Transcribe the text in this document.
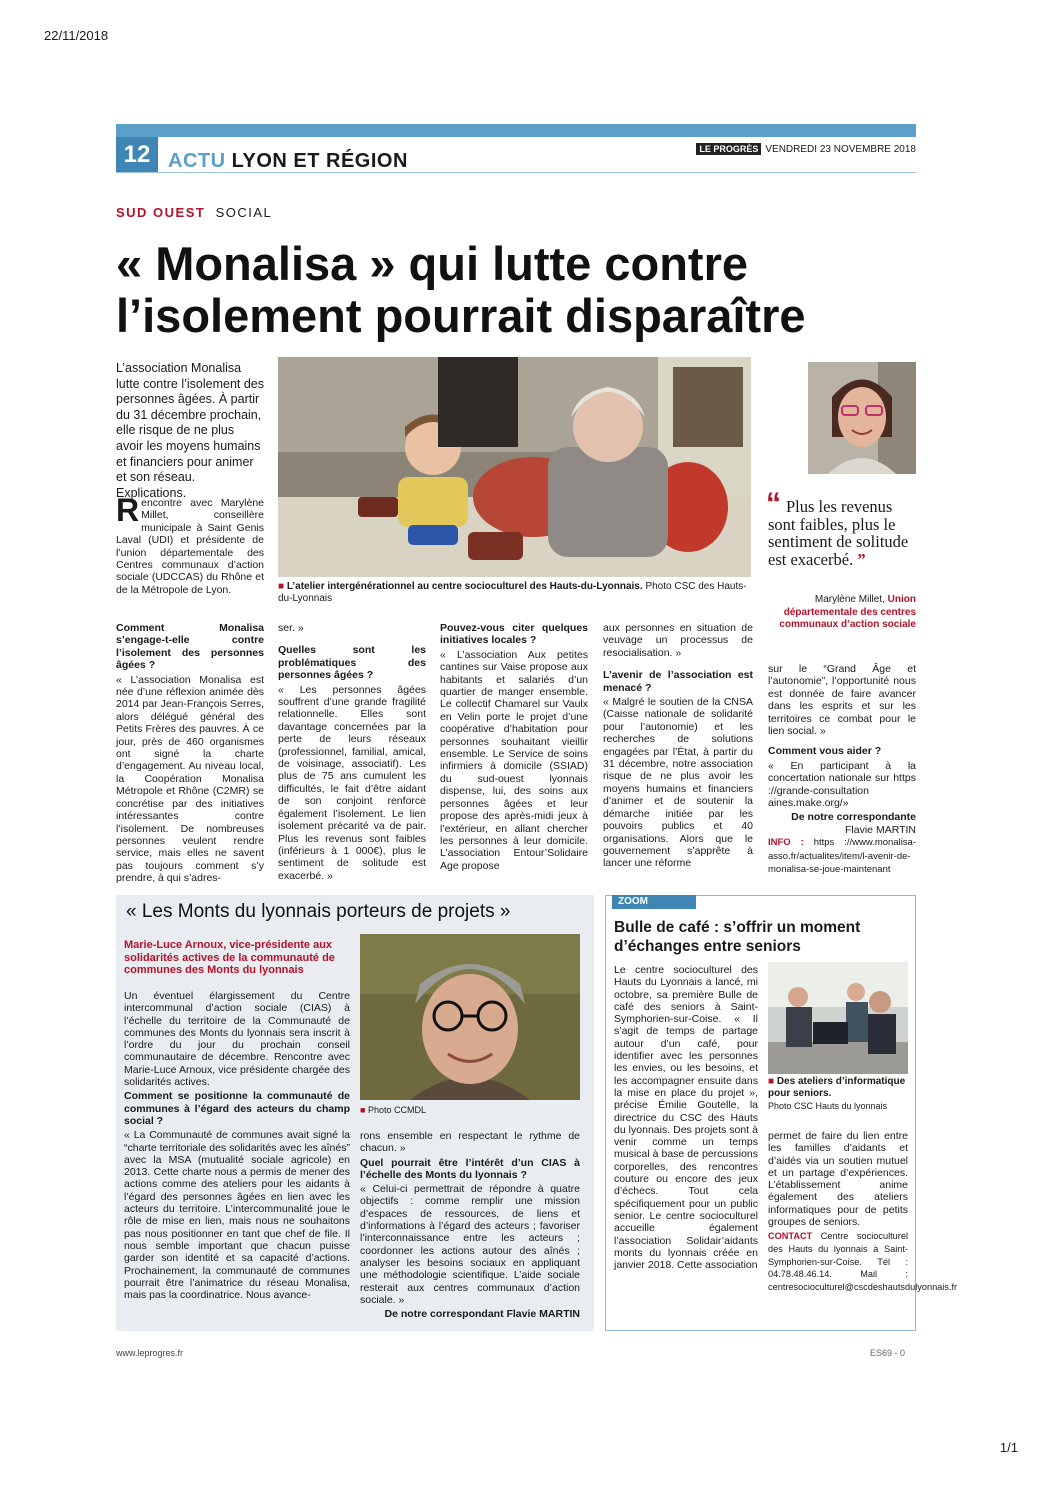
22/11/2018
1/1
12 ACTU LYON ET RÉGION
LE PROGRÈS VENDREDI 23 NOVEMBRE 2018
SUD OUEST SOCIAL
« Monalisa » qui lutte contre l’isolement pourrait disparaître
L’association Monalisa lutte contre l’isolement des personnes âgées. À partir du 31 décembre prochain, elle risque de ne plus avoir les moyens humains et financiers pour animer et son réseau. Explications.
Rencontre avec Marylène Millet, conseillère municipale à Saint Genis Laval (UDI) et présidente de l’union départementale des Centres communaux d’action sociale (UDCCAS) du Rhône et de la Métropole de Lyon.	■ L’atelier intergénérationnel au centre socioculturel des Hauts-du-Lyonnais. Photo CSC des Hauts-du-Lyonnais
“ Plus les revenus sont faibles, plus le sentiment de solitude est exacerbé. ”
Marylène Millet, Union départementale des centres communaux d’action sociale

Comment Monalisa s’engage-t-elle contre l’isolement des personnes âgées ?

« L’association Monalisa est née d’une réflexion animée dès 2014 par Jean-François Serres, alors délégué général des Petits Frères des pauvres. À ce jour, près de 460 organismes ont signé la charte d’engagement. Au niveau local, la Coopération Monalisa Métropole et Rhône (C2MR) se concrétise par des initiatives intéressantes contre l’isolement. De nombreuses personnes veulent rendre service, mais elles ne savent pas toujours comment s’y prendre, à qui s’adres-

ser. »

Quelles sont les problématiques des personnes âgées ?

« Les personnes âgées souffrent d’une grande fragilité relationnelle. Elles sont davantage concernées par la perte de leurs réseaux (professionnel, familial, amical, de voisinage, associatif). Les plus de 75 ans cumulent les difficultés, le fait d’être aidant de son conjoint renforce également l’isolement. Le lien isolement précarité va de pair. Plus les revenus sont faibles (inférieurs à 1 000€), plus le sentiment de solitude est exacerbé. »

Pouvez-vous citer quelques initiatives locales ?

« L’association Aux petites cantines sur Vaise propose aux habitants et salariés d’un quartier de manger ensemble. Le collectif Chamarel sur Vaulx en Velin porte le projet d’une coopérative d’habitation pour personnes souhaitant vieillir ensemble. Le Service de soins infirmiers à domicile (SSIAD) du sud-ouest lyonnais dispense, lui, des soins aux personnes âgées et leur propose des après-midi jeux à l’extérieur, en allant chercher les personnes à leur domicile. L’association Entour’Solidaire Age propose

aux personnes en situation de veuvage un processus de resocialisation. »

L’avenir de l’association est menacé ?

« Malgré le soutien de la CNSA (Caisse nationale de solidarité pour l’autonomie) et les recherches de solutions engagées par l’État, à partir du 31 décembre, notre association risque de ne plus avoir les moyens humains et financiers d’animer et de soutenir la démarche initiée par les pouvoirs publics et 40 organisations. Alors que le gouvernement s’apprête à lancer une réforme

sur le “Grand Âge et l’autonomie”, l’opportunité nous est donnée de faire avancer dans les esprits et sur les territoires ce combat pour le lien social. »

Comment vous aider ?

« En participant à la concertation nationale sur https ://grande-consultation aines.make.org/»

De notre correspondante

Flavie MARTIN

INFO : https ://www.monalisa-asso.fr/actualites/item/l-avenir-de-monalisa-se-joue-maintenant
« Les Monts du lyonnais porteurs de projets »
Marie-Luce Arnoux, vice-présidente aux solidarités actives de la communauté de communes des Monts du lyonnais
■ Photo CCMDL

Un éventuel élargissement du Centre intercommunal d’action sociale (CIAS) à l’échelle du territoire de la Communauté de communes des Monts du lyonnais sera inscrit à l’ordre du jour du prochain conseil communautaire de décembre. Rencontre avec Marie-Luce Arnoux, vice présidente chargée des solidarités actives.

Comment se positionne la communauté de communes à l’égard des acteurs du champ social ?

« La Communauté de communes avait signé la “charte territoriale des solidarités avec les aînés” avec la MSA (mutualité sociale agricole) en 2013. Cette charte nous a permis de mener des actions comme des ateliers pour les aidants à l’égard des personnes âgées en lien avec les acteurs du territoire. L’intercommunalité joue le rôle de mise en lien, mais nous ne souhaitons pas nous positionner en tant que chef de file. Il nous semble important que chacun puisse garder son identité et sa capacité d’actions. Prochainement, la communauté de communes pourrait être l’animatrice du réseau Monalisa, mais pas la coordinatrice. Nous avance-

rons ensemble en respectant le rythme de chacun. »

Quel pourrait être l’intérêt d’un CIAS à l’échelle des Monts du lyonnais ?

« Celui-ci permettrait de répondre à quatre objectifs : comme remplir une mission d’espaces de ressources, de liens et d’informations à l’égard des acteurs ; favoriser l’interconnaissance entre les acteurs ; coordonner les actions autour des aînés ; analyser les besoins sociaux en appliquant une méthodologie scientifique. L’aide sociale resterait aux centres communaux d’action sociale. »

De notre correspondant Flavie MARTIN

Bulle de café : s’offrir un moment d’échanges entre seniors
ZOOM
Le centre socioculturel des Hauts du Lyonnais a lancé, mi octobre, sa première Bulle de café des seniors à Saint-Symphorien-sur-Coise. « Il s’agit de temps de partage autour d’un café, pour identifier avec les personnes les envies, ou les besoins, et les accompagner ensuite dans la mise en place du projet », précise Émilie Goutelle, la directrice du CSC des Hauts du lyonnais. Des projets sont à venir comme un temps musical à base de percussions corporelles, des rencontres couture ou encore des jeux d’échecs. Tout cela spécifiquement pour un public senior. Le centre socioculturel accueille également l’association Solidair’aidants monts du lyonnais créée en janvier 2018. Cette association
■ Des ateliers d’informatique pour seniors.
Photo CSC Hauts du lyonnais

permet de faire du lien entre les familles d’aidants et d’aidés via un soutien mutuel et un partage d’expériences. L’établissement anime également des ateliers informatiques pour de petits groupes de seniors.

CONTACT Centre socioculturel des Hauts du lyonnais à Saint-Symphorien-sur-Coise. Tél : 04.78.48.46.14. Mail : centresocioculturel@cscdeshautsdulyonnais.fr
www.leprogres.fr	ES69 - 0
